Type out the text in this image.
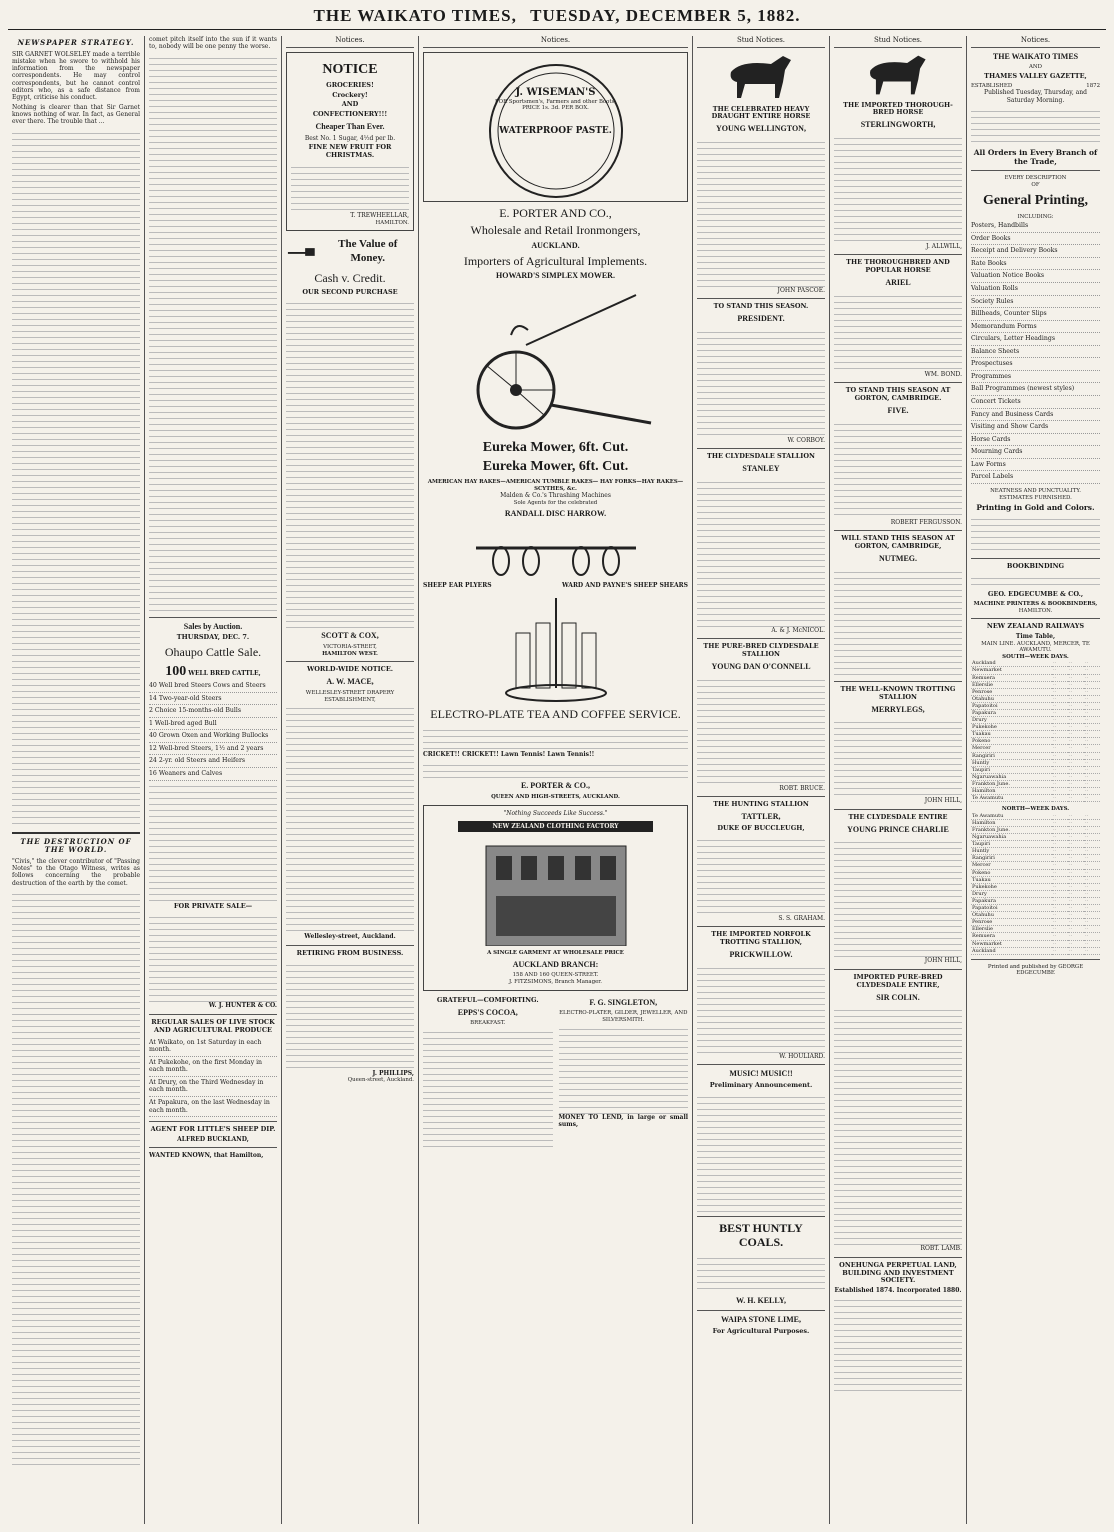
THE WAIKATO TIMES, TUESDAY, DECEMBER 5, 1882.
NEWSPAPER STRATEGY.

SIR GARNET WOLSELEY made a terrible mistake when he swore to withhold his information from the newspaper correspondents. He may control correspondents, but he cannot control editors who, as a safe distance from Egypt, criticise his conduct.

Nothing is clearer than that Sir Garnet knows nothing of war. In fact, as General ever there. The trouble that ...

THE DESTRUCTION OF THE WORLD.

"Civis," the clever contributor of "Passing Notes" to the Otago Witness, writes as follows concerning the probable destruction of the earth by the comet.

comet pitch itself into the sun if it wants to, nobody will be one penny the worse.

Sales by Auction.
THURSDAY, DEC. 7.
Ohaupo Cattle Sale.
100 WELL BRED CATTLE,
40 Well bred Steers Cows and Steers
14 Two-year-old Steers
2 Choice 15-months-old Bulls
1 Well-bred aged Bull
40 Grown Oxen and Working Bullocks
12 Well-bred Steers, 1½ and 2 years
24 2-yr. old Steers and Heifers
16 Weaners and Calves
FOR PRIVATE SALE—
W. J. HUNTER & CO.
REGULAR SALES OF LIVE STOCK AND AGRICULTURAL PRODUCE
At Waikato, on 1st Saturday in each month.
At Pukekohe, on the first Monday in each month.
At Drury, on the Third Wednesday in each month.
At Papakura, on the last Wednesday in each month.
AGENT FOR LITTLE'S SHEEP DIP.
ALFRED BUCKLAND,

WANTED KNOWN, that Hamilton,

Notices.
NOTICE
GROCERIES!
Crockery!
AND
CONFECTIONERY!!!
Cheaper Than Ever.

Best No. 1 Sugar, 4½d per lb.

FINE NEW FRUIT FOR CHRISTMAS.
T. TREWHEELLAR,
HAMILTON.
The Value of Money.
Cash v. Credit.
OUR SECOND PURCHASE
SCOTT & COX,
VICTORIA-STREET,
HAMILTON WEST.
WORLD-WIDE NOTICE.
A. W. MACE,
WELLESLEY-STREET DRAPERY ESTABLISHMENT,
Wellesley-street, Auckland.
RETIRING FROM BUSINESS.
J. PHILLIPS,
Queen-street, Auckland.
Notices.
J. WISEMAN'S
FOR Sportsmen's, Farmers and other Boots,
PRICE 1s. 3d. PER BOX.
WATERPROOF PASTE.
E. PORTER AND CO.,
Wholesale and Retail Ironmongers,
AUCKLAND.
Importers of Agricultural Implements.
HOWARD'S SIMPLEX MOWER.
Eureka Mower, 6ft. Cut.
Eureka Mower, 6ft. Cut.
AMERICAN HAY RAKES—AMERICAN TUMBLE RAKES— HAY FORKS—HAY RAKES—SCYTHES, &c.
Malden & Co.'s Thrashing Machines
Sole Agents for the celebrated
RANDALL DISC HARROW.
SHEEP EAR PLYERS	WARD AND PAYNE'S SHEEP SHEARS
ELECTRO-PLATE TEA AND COFFEE SERVICE.

CRICKET!! CRICKET!! Lawn Tennis! Lawn Tennis!!

E. PORTER & CO.,
QUEEN AND HIGH-STREETS, AUCKLAND.
"Nothing Succeeds Like Success."
NEW ZEALAND CLOTHING FACTORY
A SINGLE GARMENT AT WHOLESALE PRICE
AUCKLAND BRANCH:
158 AND 160 QUEEN-STREET.
J. FITZSIMONS, Branch Manager.
GRATEFUL—COMFORTING.
EPPS'S COCOA,
BREAKFAST.
F. G. SINGLETON,
ELECTRO-PLATER, GILDER, JEWELLER, AND SILVERSMITH.

MONEY TO LEND, in large or small sums,

Stud Notices.
THE CELEBRATED HEAVY DRAUGHT ENTIRE HORSE
YOUNG WELLINGTON,
JOHN PASCOE.
TO STAND THIS SEASON.
PRESIDENT.
W. CORBOY.
THE CLYDESDALE STALLION
STANLEY
A. & J. McNICOL.
THE PURE-BRED CLYDESDALE STALLION
YOUNG DAN O'CONNELL
ROBT. BRUCE.
THE HUNTING STALLION
TATTLER,
DUKE OF BUCCLEUGH,
S. S. GRAHAM.
THE IMPORTED NORFOLK TROTTING STALLION,
PRICKWILLOW.
W. HOULIARD.
MUSIC! MUSIC!!
Preliminary Announcement.
BEST HUNTLY COALS.
W. H. KELLY,
WAIPA STONE LIME,
For Agricultural Purposes.
Stud Notices.
THE IMPORTED THOROUGH-BRED HORSE
STERLINGWORTH,
J. ALLWILL,
THE THOROUGHBRED AND POPULAR HORSE
ARIEL
WM. BOND.
TO STAND THIS SEASON AT GORTON, CAMBRIDGE.
FIVE.
ROBERT FERGUSSON.
WILL STAND THIS SEASON AT GORTON, CAMBRIDGE,
NUTMEG.
THE WELL-KNOWN TROTTING STALLION
MERRYLEGS,
JOHN HILL,
THE CLYDESDALE ENTIRE
YOUNG PRINCE CHARLIE
JOHN HILL,
IMPORTED PURE-BRED CLYDESDALE ENTIRE,
SIR COLIN.
ROBT. LAMB.
ONEHUNGA PERPETUAL LAND, BUILDING AND INVESTMENT SOCIETY.
Established 1874. Incorporated 1880.
Notices.
THE WAIKATO TIMES
AND
THAMES VALLEY GAZETTE,
ESTABLISHED	1872

Published Tuesday, Thursday, and Saturday Morning.

All Orders in Every Branch of the Trade,
EVERY DESCRIPTION
OF
General Printing,
INCLUDING:
Posters, Handbills
Order Books
Receipt and Delivery Books
Rate Books
Valuation Notice Books
Valuation Rolls
Society Rules
Billheads, Counter Slips
Memorandum Forms
Circulars, Letter Headings
Balance Sheets
Prospectuses
Programmes
Ball Programmes (newest styles)
Concert Tickets
Fancy and Business Cards
Visiting and Show Cards
Horse Cards
Mourning Cards
Law Forms
Parcel Labels
NEATNESS AND PUNCTUALITY.
ESTIMATES FURNISHED.
Printing in Gold and Colors.
BOOKBINDING
GEO. EDGECUMBE & CO.,
MACHINE PRINTERS & BOOKBINDERS,
HAMILTON.
NEW ZEALAND RAILWAYS
Time Table,
MAIN LINE. AUCKLAND, MERCER, TE AWAMUTU.
SOUTH—WEEK DAYS.
Auckland	··	··	··
Newmarket	··	··	··
Remuera	··	··	··
Ellerslie	··	··	··
Penrose	··	··	··
Otahuhu	··	··	··
Papatoitoi	··	··	··
Papakura	··	··	··
Drury	··	··	··
Pukekohe	··	··	··
Tuakau	··	··	··
Pokeno	··	··	··
Mercer	··	··	··
Rangiriri	··	··	··
Huntly	··	··	··
Taupiri	··	··	··
Ngaruawahia	··	··	··
Frankton June.	··	··	··
Hamilton	··	··	··
Te Awamutu	··	··	··
NORTH—WEEK DAYS.
Te Awamutu	··	··	··
Hamilton	··	··	··
Frankton June.	··	··	··
Ngaruawahia	··	··	··
Taupiri	··	··	··
Huntly	··	··	··
Rangiriri	··	··	··
Mercer	··	··	··
Pokeno	··	··	··
Tuakau	··	··	··
Pukekohe	··	··	··
Drury	··	··	··
Papakura	··	··	··
Papatoitoi	··	··	··
Otahuhu	··	··	··
Penrose	··	··	··
Ellerslie	··	··	··
Remuera	··	··	··
Newmarket	··	··	··
Auckland	··	··	··
Printed and published by GEORGE EDGECUMBE
